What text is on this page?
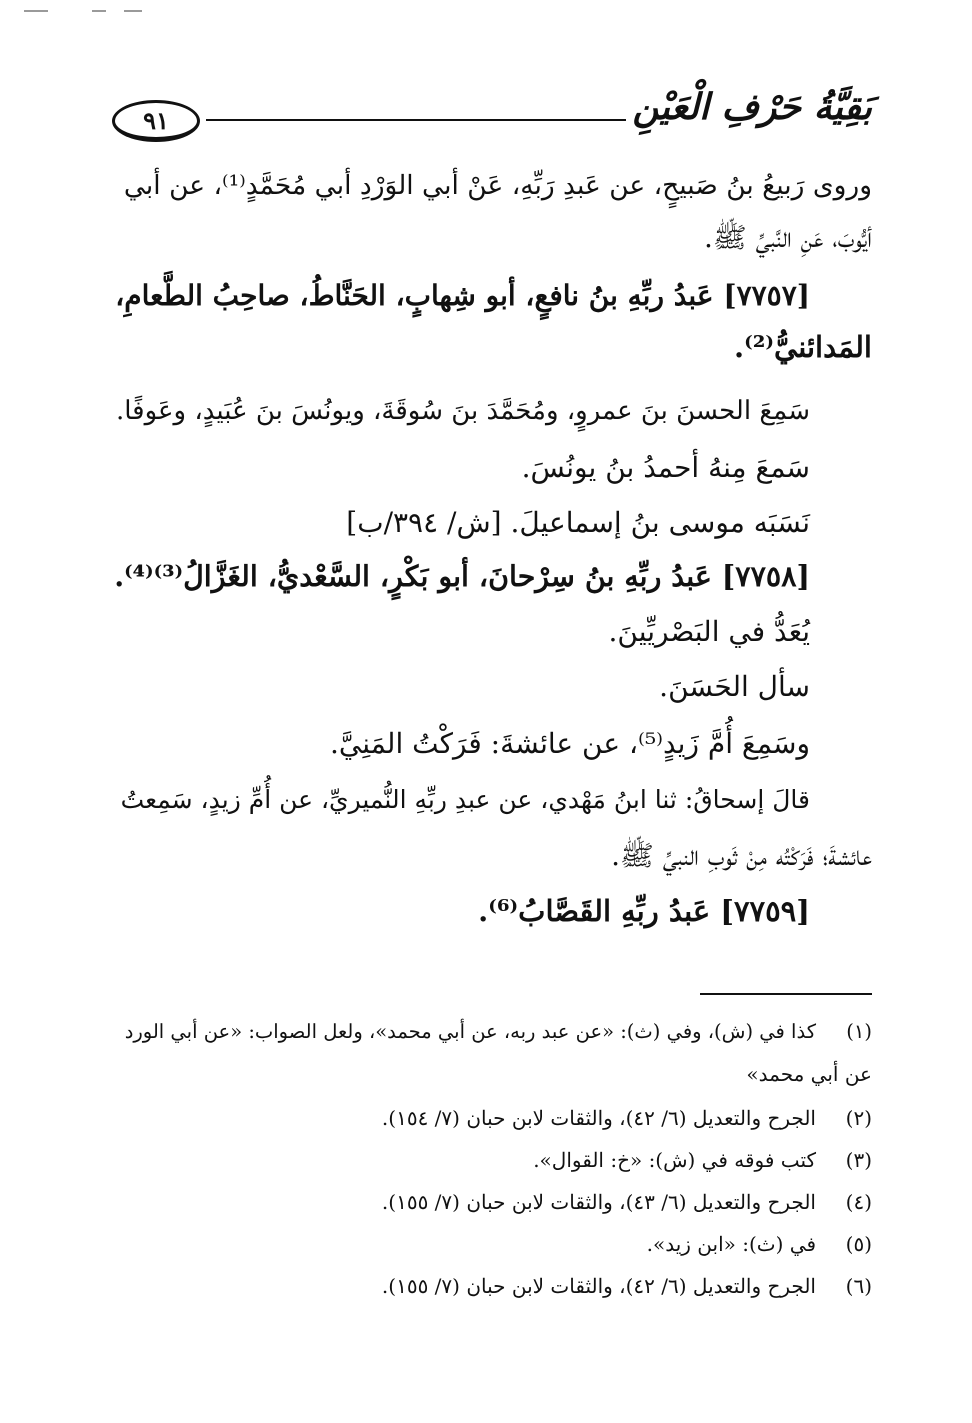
٩١	بَقِيَّةُ حَرْفِ الْعَيْنِ
وروى رَبيعُ بنُ صَبيحٍ، عن عَبدِ رَبِّهِ، عَنْ أبي الوَرْدِ أبي مُحَمَّدٍ⁽¹⁾، عن أبي
أيُّوبَ، عَنِ النَّبيِّ ﷺ.
[٧٧٥٧] عَبدُ ربِّهِ بنُ نافعٍ، أبو شِهابٍ، الحَنَّاطُ، صاحِبُ الطَّعامِ،
المَدائنيُّ⁽²⁾.
سَمِعَ الحسنَ بنَ عمروٍ، ومُحَمَّدَ بنَ سُوقَةَ، ويونُسَ بنَ عُبَيدٍ، وعَوفًا.
سَمعَ مِنهُ أحمدُ بنُ يونُسَ.
نَسَبَه موسى بنُ إسماعيلَ. [ش/ ٣٩٤/ب]
[٧٧٥٨] عَبدُ ربِّهِ بنُ سِرْحانَ، أبو بَكْرٍ، السَّعْديُّ، الغَزَّالُ⁽³⁾⁽⁴⁾.
يُعَدُّ في البَصْريِّينَ.
سأل الحَسَنَ.
وسَمِعَ أُمَّ زَيدٍ⁽⁵⁾، عن عائشةَ: فَرَكْتُ المَنِيَّ.
قالَ إسحاقُ: ثنا ابنُ مَهْدي، عن عبدِ ربِّهِ النُّميريِّ، عن أُمِّ زيدٍ، سَمِعتُ
عائشةَ؛ فَرَكْتُه مِنْ ثَوبِ النبيِّ ﷺ.
[٧٧٥٩] عَبدُ ربِّهِ القَصَّابُ⁽⁶⁾.
(١)كذا في (ش)، وفي (ث): «عن عبد ربه، عن أبي محمد»، ولعل الصواب: «عن أبي الورد
عن أبي محمد»
(٢)الجرح والتعديل (٦/ ٤٢)، والثقات لابن حبان (٧/ ١٥٤).
(٣)كتب فوقه في (ش): «خ: القوال».
(٤)الجرح والتعديل (٦/ ٤٣)، والثقات لابن حبان (٧/ ١٥٥).
(٥)في (ث): «ابن زيد».
(٦)الجرح والتعديل (٦/ ٤٢)، والثقات لابن حبان (٧/ ١٥٥).
